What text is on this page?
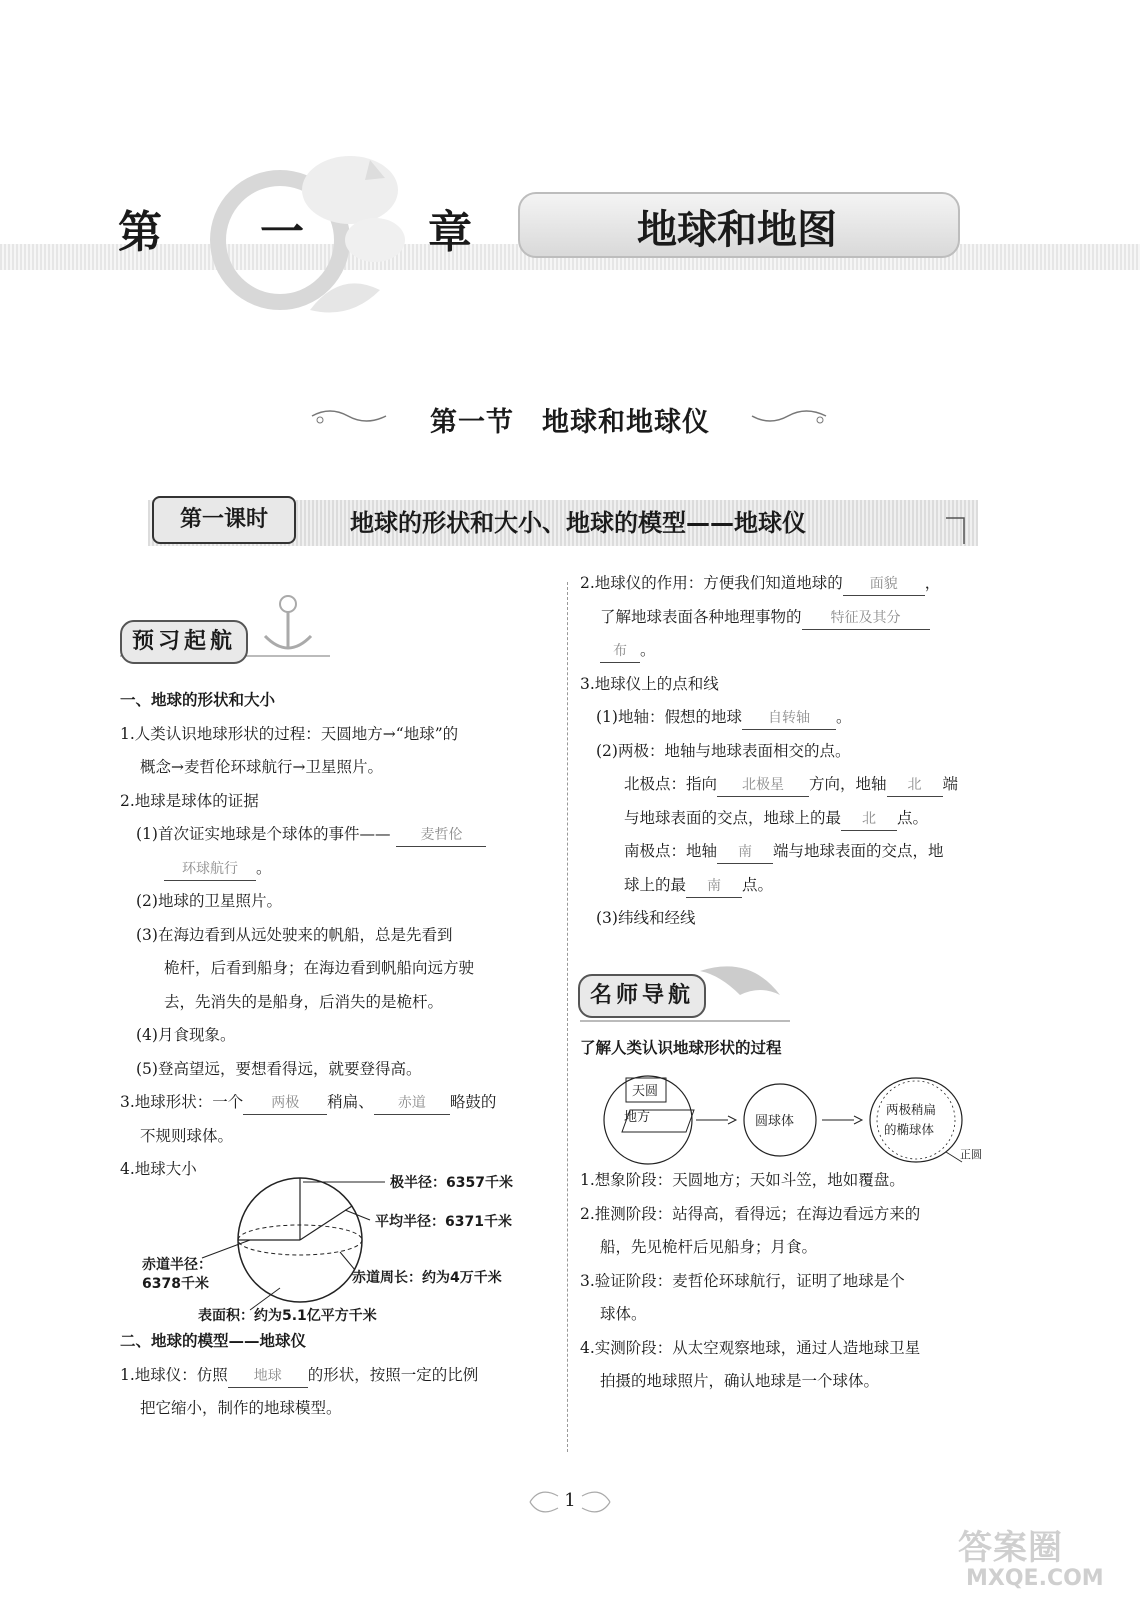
第 一	章	地球和地图
第一节　地球和地球仪
第一课时	地球的形状和大小、地球的模型——地球仪
预习起航

一、地球的形状和大小

1.人类认识地球形状的过程：天圆地方→“地球”的

概念→麦哲伦环球航行→卫星照片。

2.地球是球体的证据

(1)首次证实地球是个球体的事件—— 麦哲伦

环球航行 。

(2)地球的卫星照片。

(3)在海边看到从远处驶来的帆船，总是先看到

桅杆，后看到船身；在海边看到帆船向远方驶

去，先消失的是船身，后消失的是桅杆。

(4)月食现象。

(5)登高望远，要想看得远，就要登得高。

3.地球形状：一个 两极 稍扁、 赤道 略鼓的

不规则球体。

4.地球大小

极半径：6357千米
平均半径：6371千米
赤道半径：
6378千米	赤道周长：约为4万千米
表面积：约为5.1亿平方千米

二、地球的模型——地球仪

1.地球仪：仿照 地球 的形状，按照一定的比例

把它缩小，制作的地球模型。

2.地球仪的作用：方便我们知道地球的 面貌 ，

了解地球表面各种地理事物的 特征及其分

布 。

3.地球仪上的点和线

(1)地轴：假想的地球 自转轴 。

(2)两极：地轴与地球表面相交的点。

北极点：指向 北极星 方向，地轴 北 端

与地球表面的交点，地球上的最 北 点。

南极点：地轴 南 端与地球表面的交点，地

球上的最 南 点。

(3)纬线和经线

名师导航
了解人类认识地球形状的过程
天圆
地方	圆球体
两极稍扁
的椭球体
正圆

1.想象阶段：天圆地方；天如斗笠，地如覆盘。

2.推测阶段：站得高，看得远；在海边看远方来的

船，先见桅杆后见船身；月食。

3.验证阶段：麦哲伦环球航行，证明了地球是个

球体。

4.实测阶段：从太空观察地球，通过人造地球卫星

拍摄的地球照片，确认地球是一个球体。

1
答案圈
MXQE.COM
